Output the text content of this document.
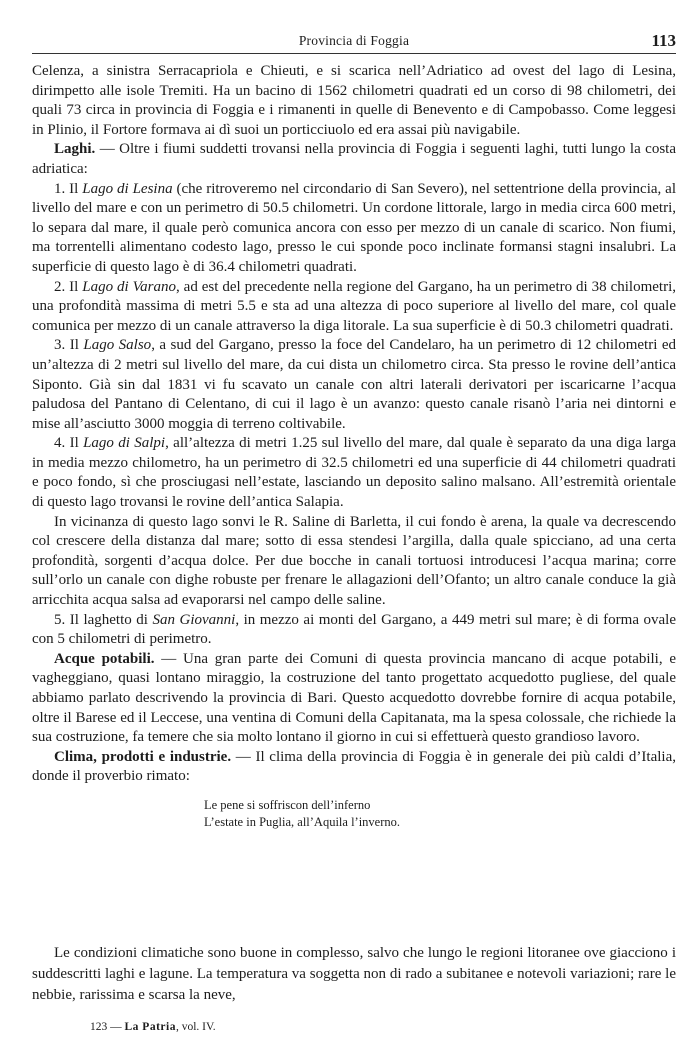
Provincia di Foggia	113

Celenza, a sinistra Serracapriola e Chieuti, e si scarica nell’Adriatico ad ovest del lago di Lesina, dirimpetto alle isole Tremiti. Ha un bacino di 1562 chilometri quadrati ed un corso di 98 chilometri, dei quali 73 circa in provincia di Foggia e i rimanenti in quelle di Benevento e di Campobasso. Come leggesi in Plinio, il Fortore formava ai dì suoi un porticciuolo ed era assai più navigabile.

Laghi. — Oltre i fiumi suddetti trovansi nella provincia di Foggia i seguenti laghi, tutti lungo la costa adriatica:

1. Il Lago di Lesina (che ritroveremo nel circondario di San Severo), nel settentrione della provincia, al livello del mare e con un perimetro di 50.5 chilometri. Un cordone littorale, largo in media circa 600 metri, lo separa dal mare, il quale però comunica ancora con esso per mezzo di un canale di scarico. Non fiumi, ma torrentelli alimentano codesto lago, presso le cui sponde poco inclinate formansi stagni insalubri. La superficie di questo lago è di 36.4 chilometri quadrati.

2. Il Lago di Varano, ad est del precedente nella regione del Gargano, ha un perimetro di 38 chilometri, una profondità massima di metri 5.5 e sta ad una altezza di poco superiore al livello del mare, col quale comunica per mezzo di un canale attraverso la diga litorale. La sua superficie è di 50.3 chilometri quadrati.

3. Il Lago Salso, a sud del Gargano, presso la foce del Candelaro, ha un perimetro di 12 chilometri ed un’altezza di 2 metri sul livello del mare, da cui dista un chilometro circa. Sta presso le rovine dell’antica Siponto. Già sin dal 1831 vi fu scavato un canale con altri laterali derivatori per iscaricarne l’acqua paludosa del Pantano di Celentano, di cui il lago è un avanzo: questo canale risanò l’aria nei dintorni e mise all’asciutto 3000 moggia di terreno coltivabile.

4. Il Lago di Salpi, all’altezza di metri 1.25 sul livello del mare, dal quale è separato da una diga larga in media mezzo chilometro, ha un perimetro di 32.5 chilometri ed una superficie di 44 chilometri quadrati e poco fondo, sì che prosciugasi nell’estate, lasciando un deposito salino malsano. All’estremità orientale di questo lago trovansi le rovine dell’antica Salapia.

In vicinanza di questo lago sonvi le R. Saline di Barletta, il cui fondo è arena, la quale va decrescendo col crescere della distanza dal mare; sotto di essa stendesi l’argilla, dalla quale spicciano, ad una certa profondità, sorgenti d’acqua dolce. Per due bocche in canali tortuosi introducesi l’acqua marina; corre sull’orlo un canale con dighe robuste per frenare le allagazioni dell’Ofanto; un altro canale conduce la già arricchita acqua salsa ad evaporarsi nel campo delle saline.

5. Il laghetto di San Giovanni, in mezzo ai monti del Gargano, a 449 metri sul mare; è di forma ovale con 5 chilometri di perimetro.

Acque potabili. — Una gran parte dei Comuni di questa provincia mancano di acque potabili, e vagheggiano, quasi lontano miraggio, la costruzione del tanto progettato acquedotto pugliese, del quale abbiamo parlato descrivendo la provincia di Bari. Questo acquedotto dovrebbe fornire di acqua potabile, oltre il Barese ed il Leccese, una ventina di Comuni della Capitanata, ma la spesa colossale, che richiede la sua costruzione, fa temere che sia molto lontano il giorno in cui si effettuerà questo grandioso lavoro.

Clima, prodotti e industrie. — Il clima della provincia di Foggia è in generale dei più caldi d’Italia, donde il proverbio rimato:

Le pene si soffriscon dell’inferno
L’estate in Puglia, all’Aquila l’inverno.

Le condizioni climatiche sono buone in complesso, salvo che lungo le regioni litoranee ove giacciono i suddescritti laghi e lagune. La temperatura va soggetta non di rado a subitanee e notevoli variazioni; rare le nebbie, rarissima e scarsa la neve,

123 — La Patria, vol. IV.
